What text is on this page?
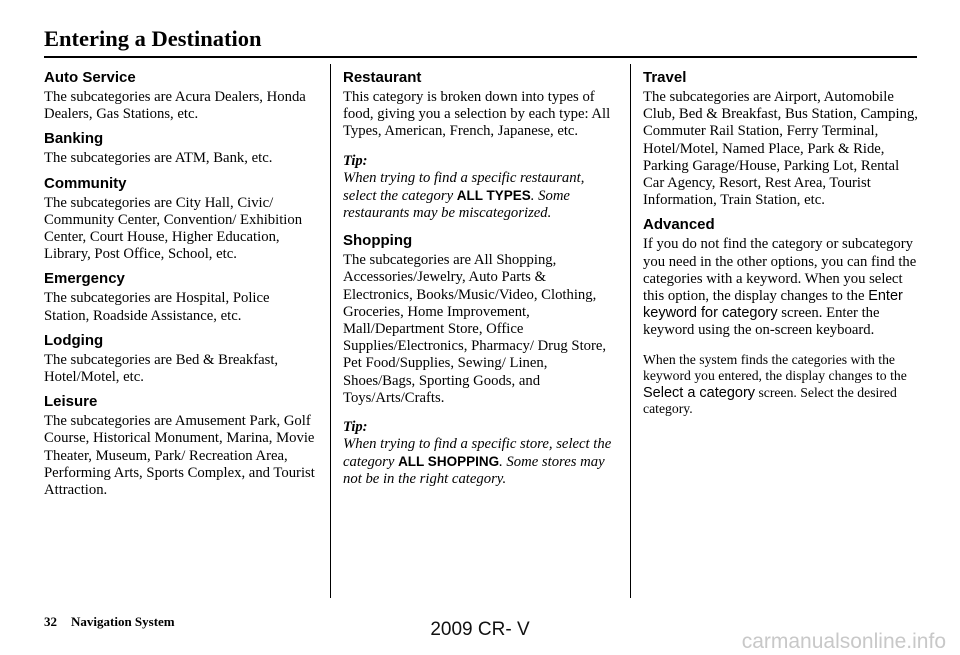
Entering a Destination
Auto Service

The subcategories are Acura Dealers, Honda Dealers, Gas Stations, etc.

Banking

The subcategories are ATM, Bank, etc.

Community

The subcategories are City Hall, Civic/ Community Center, Convention/ Exhibition Center, Court House, Higher Education, Library, Post Office, School, etc.

Emergency

The subcategories are Hospital, Police Station, Roadside Assistance, etc.

Lodging

The subcategories are Bed & Breakfast, Hotel/Motel, etc.

Leisure

The subcategories are Amusement Park, Golf Course, Historical Monument, Marina, Movie Theater, Museum, Park/ Recreation Area, Performing Arts, Sports Complex, and Tourist Attraction.

Restaurant

This category is broken down into types of food, giving you a selection by each type: All Types, American, French, Japanese, etc.

Tip:

When trying to find a specific restaurant, select the category ALL TYPES. Some restaurants may be miscategorized.

Shopping

The subcategories are All Shopping, Accessories/Jewelry, Auto Parts & Electronics, Books/Music/Video, Clothing, Groceries, Home Improvement, Mall/Department Store, Office Supplies/Electronics, Pharmacy/ Drug Store, Pet Food/Supplies, Sewing/ Linen, Shoes/Bags, Sporting Goods, and Toys/Arts/Crafts.

Tip:

When trying to find a specific store, select the category ALL SHOPPING. Some stores may not be in the right category.

Travel

The subcategories are Airport, Automobile Club, Bed & Breakfast, Bus Station, Camping, Commuter Rail Station, Ferry Terminal, Hotel/Motel, Named Place, Park & Ride, Parking Garage/House, Parking Lot, Rental Car Agency, Resort, Rest Area, Tourist Information, Train Station, etc.

Advanced

If you do not find the category or subcategory you need in the other options, you can find the categories with a keyword. When you select this option, the display changes to the Enter keyword for category screen. Enter the keyword using the on-screen keyboard.

When the system finds the categories with the keyword you entered, the display changes to the Select a category screen. Select the desired category.

32 Navigation System	2009 CR- V
carmanualsonline.info
